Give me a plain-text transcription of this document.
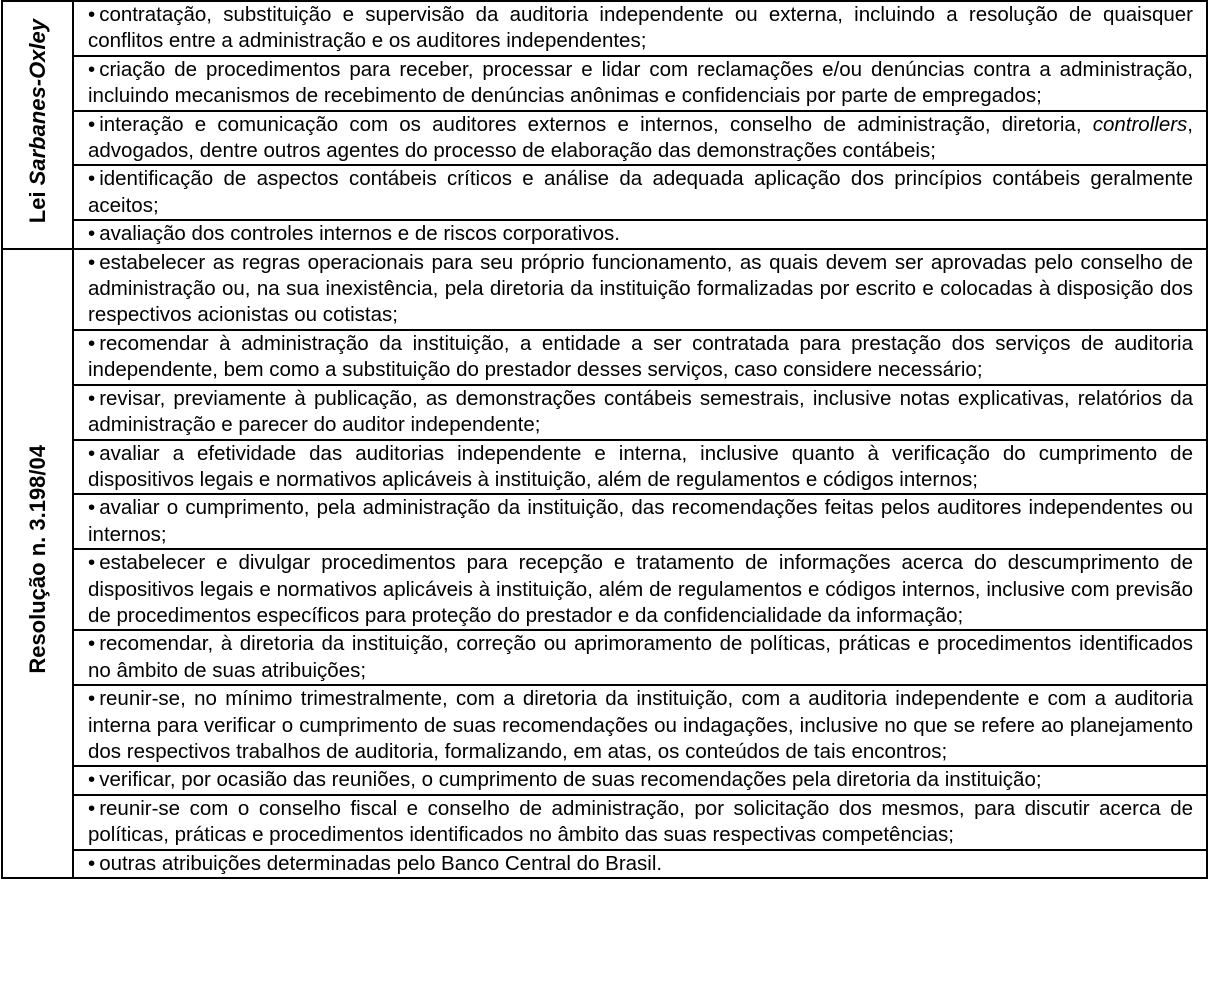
Lei Sarbanes-Oxley	• contratação, substituição e supervisão da auditoria independente ou externa, incluindo a resolução de quaisquer conflitos entre a administração e os auditores independentes;
	• criação de procedimentos para receber, processar e lidar com reclamações e/ou denúncias contra a administração, incluindo mecanismos de recebimento de denúncias anônimas e confidenciais por parte de empregados;
	• interação e comunicação com os auditores externos e internos, conselho de administração, diretoria, controllers, advogados, dentre outros agentes do processo de elaboração das demonstrações contábeis;
	• identificação de aspectos contábeis críticos e análise da adequada aplicação dos princípios contábeis geralmente aceitos;
	• avaliação dos controles internos e de riscos corporativos.
Resolução n. 3.198/04	• estabelecer as regras operacionais para seu próprio funcionamento, as quais devem ser aprovadas pelo conselho de administração ou, na sua inexistência, pela diretoria da instituição formalizadas por escrito e colocadas à disposição dos respectivos acionistas ou cotistas;
	• recomendar à administração da instituição, a entidade a ser contratada para prestação dos serviços de auditoria independente, bem como a substituição do prestador desses serviços, caso considere necessário;
	• revisar, previamente à publicação, as demonstrações contábeis semestrais, inclusive notas explicativas, relatórios da administração e parecer do auditor independente;
	• avaliar a efetividade das auditorias independente e interna, inclusive quanto à verificação do cumprimento de dispositivos legais e normativos aplicáveis à instituição, além de regulamentos e códigos internos;
	• avaliar o cumprimento, pela administração da instituição, das recomendações feitas pelos auditores independentes ou internos;
	• estabelecer e divulgar procedimentos para recepção e tratamento de informações acerca do descumprimento de dispositivos legais e normativos aplicáveis à instituição, além de regulamentos e códigos internos, inclusive com previsão de procedimentos específicos para proteção do prestador e da confidencialidade da informação;
	• recomendar, à diretoria da instituição, correção ou aprimoramento de políticas, práticas e procedimentos identificados no âmbito de suas atribuições;
	• reunir-se, no mínimo trimestralmente, com a diretoria da instituição, com a auditoria independente e com a auditoria interna para verificar o cumprimento de suas recomendações ou indagações, inclusive no que se refere ao planejamento dos respectivos trabalhos de auditoria, formalizando, em atas, os conteúdos de tais encontros;
	• verificar, por ocasião das reuniões, o cumprimento de suas recomendações pela diretoria da instituição;
	• reunir-se com o conselho fiscal e conselho de administração, por solicitação dos mesmos, para discutir acerca de políticas, práticas e procedimentos identificados no âmbito das suas respectivas competências;
	• outras atribuições determinadas pelo Banco Central do Brasil.
